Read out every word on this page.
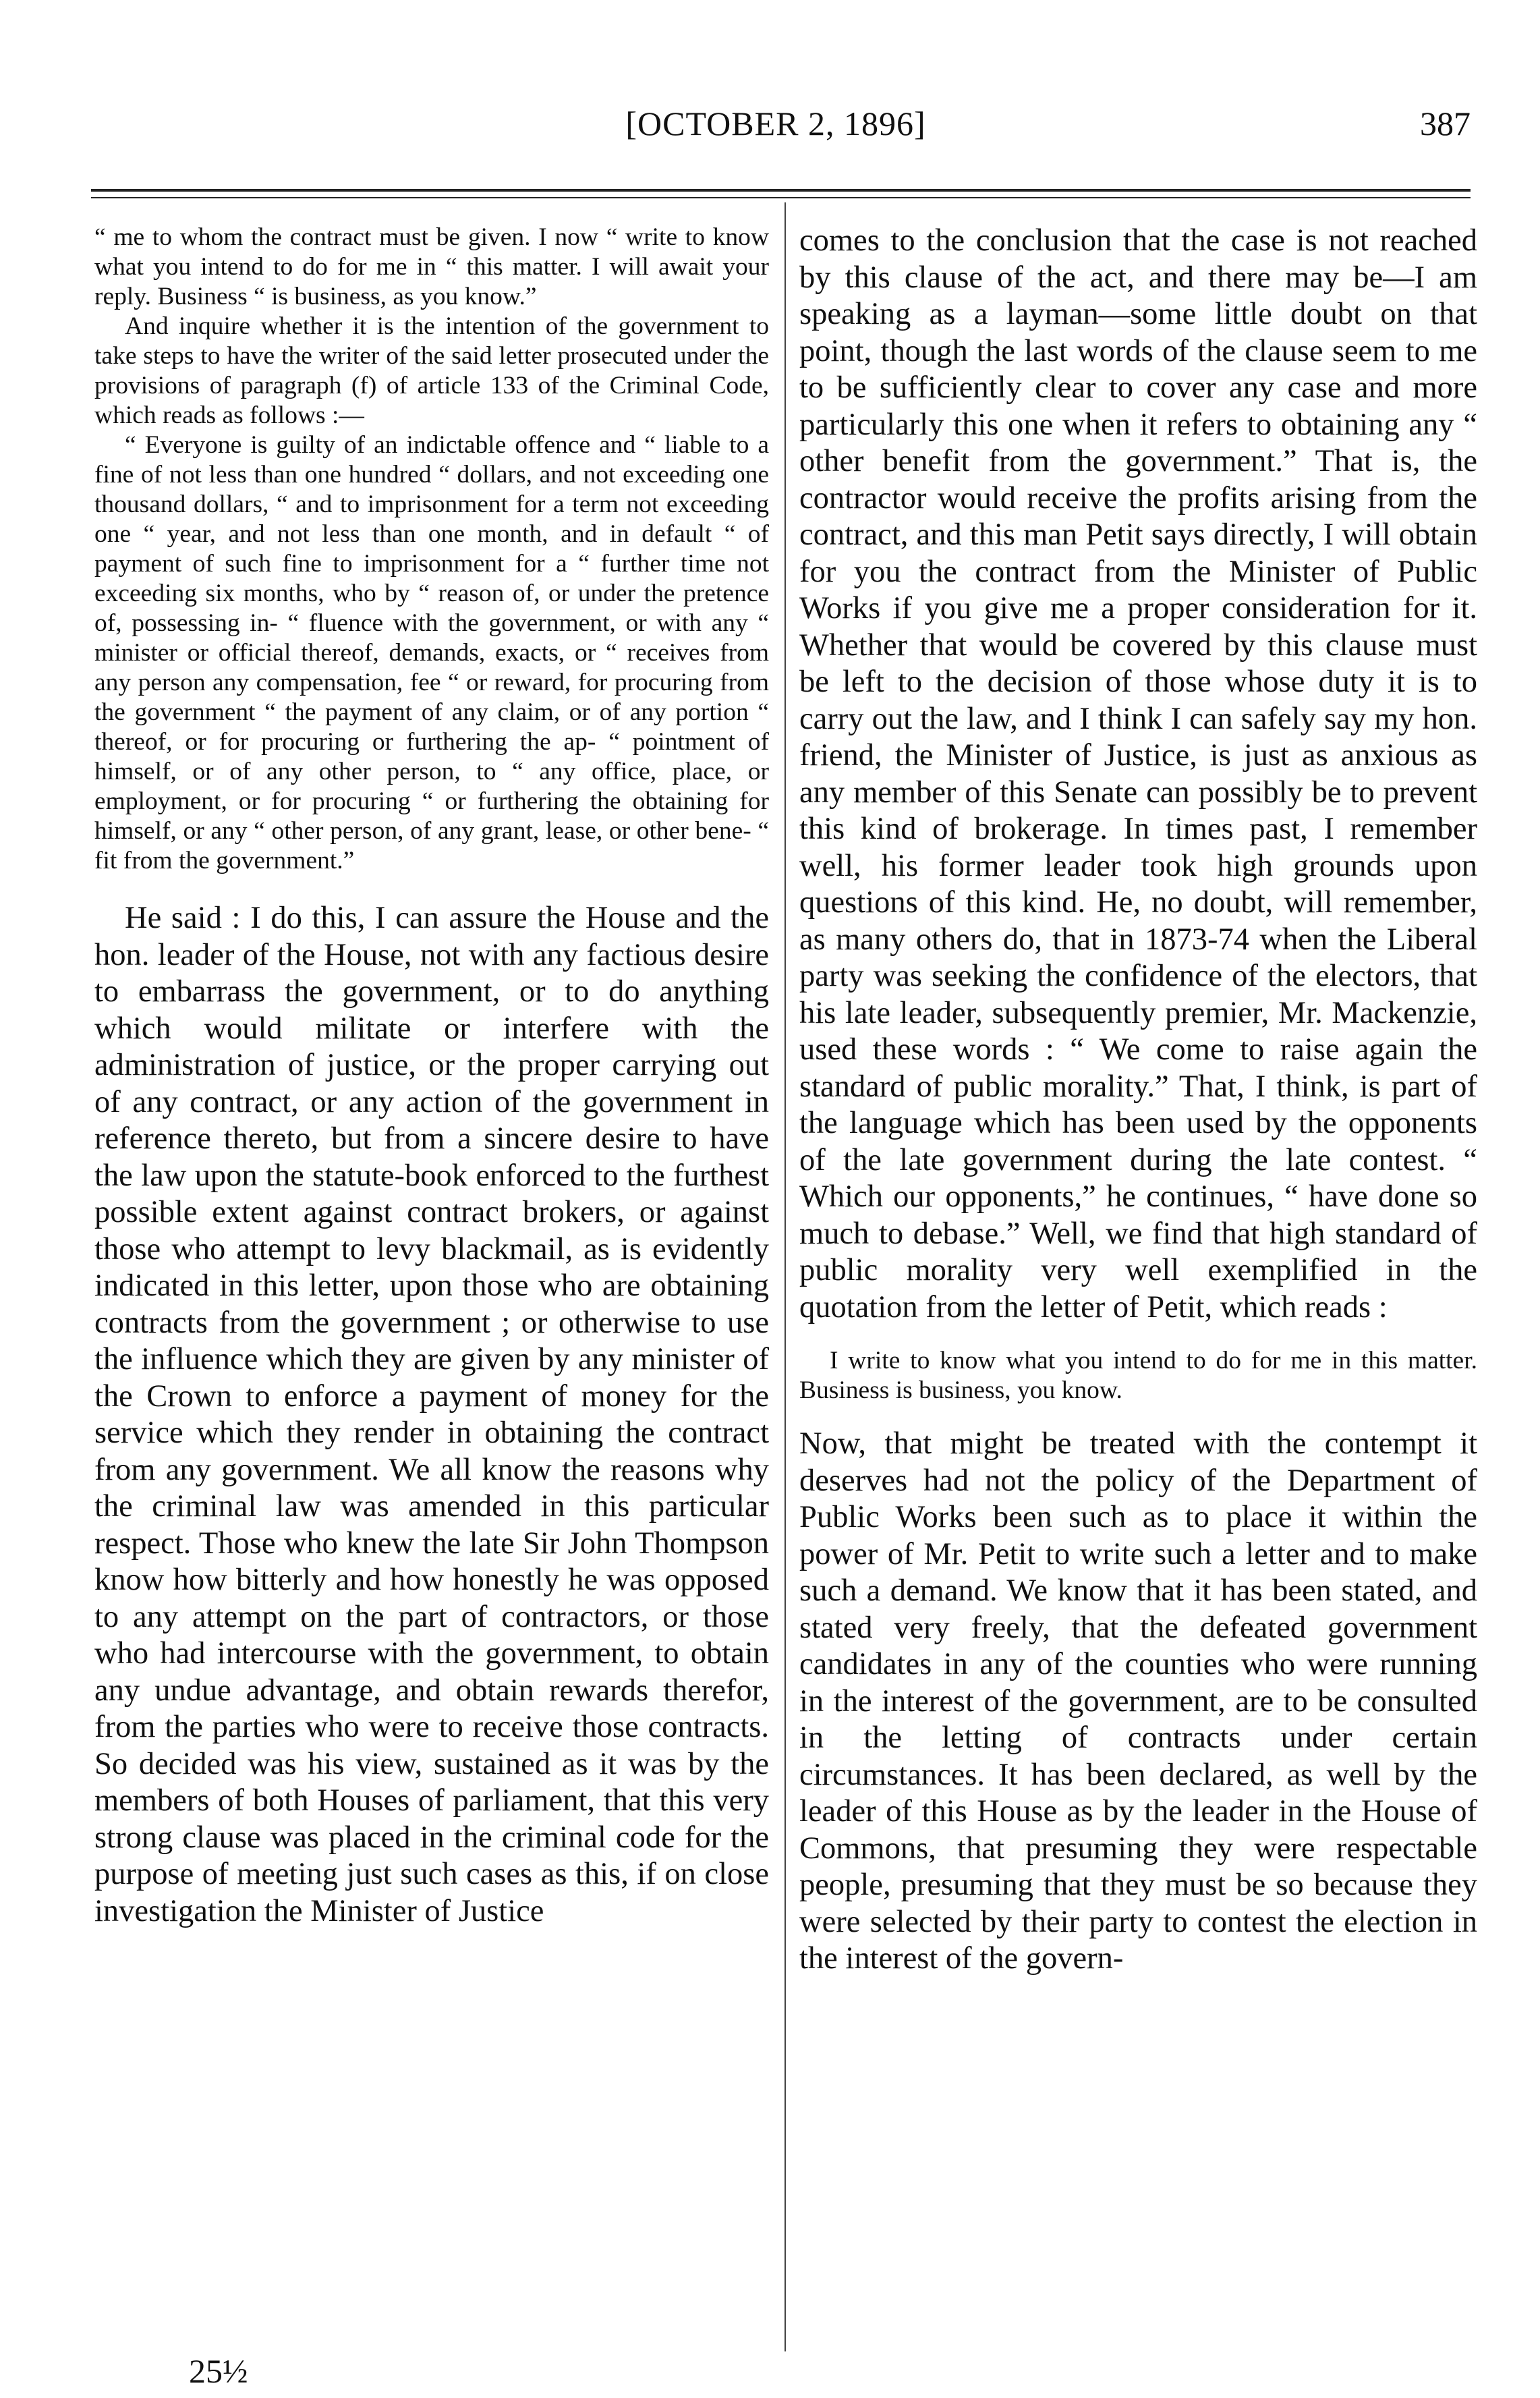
[OCTOBER 2, 1896]	387

“ me to whom the contract must be given. I now “ write to know what you intend to do for me in “ this matter. I will await your reply. Business “ is business, as you know.”

And inquire whether it is the intention of the government to take steps to have the writer of the said letter prosecuted under the provisions of paragraph (f) of article 133 of the Criminal Code, which reads as follows :—

“ Everyone is guilty of an indictable offence and “ liable to a fine of not less than one hundred “ dollars, and not exceeding one thousand dollars, “ and to imprisonment for a term not exceeding one “ year, and not less than one month, and in default “ of payment of such fine to imprisonment for a “ further time not exceeding six months, who by “ reason of, or under the pretence of, possessing in- “ fluence with the government, or with any “ minister or official thereof, demands, exacts, or “ receives from any person any compensation, fee “ or reward, for procuring from the government “ the payment of any claim, or of any portion “ thereof, or for procuring or furthering the ap- “ pointment of himself, or of any other person, to “ any office, place, or employment, or for procuring “ or furthering the obtaining for himself, or any “ other person, of any grant, lease, or other bene- “ fit from the government.”

He said : I do this, I can assure the House and the hon. leader of the House, not with any factious desire to embarrass the government, or to do anything which would militate or interfere with the administration of justice, or the proper carrying out of any contract, or any action of the government in reference thereto, but from a sincere desire to have the law upon the statute-book enforced to the furthest possible extent against contract brokers, or against those who attempt to levy blackmail, as is evidently indicated in this letter, upon those who are obtaining contracts from the government ; or otherwise to use the influence which they are given by any minister of the Crown to enforce a payment of money for the service which they render in obtaining the contract from any government. We all know the reasons why the criminal law was amended in this particular respect. Those who knew the late Sir John Thompson know how bitterly and how honestly he was opposed to any attempt on the part of contractors, or those who had intercourse with the government, to obtain any undue advantage, and obtain rewards therefor, from the parties who were to receive those contracts. So decided was his view, sustained as it was by the members of both Houses of parliament, that this very strong clause was placed in the criminal code for the purpose of meeting just such cases as this, if on close investigation the Minister of Justice

comes to the conclusion that the case is not reached by this clause of the act, and there may be—I am speaking as a layman—some little doubt on that point, though the last words of the clause seem to me to be sufficiently clear to cover any case and more particularly this one when it refers to obtaining any “ other benefit from the government.” That is, the contractor would receive the profits arising from the contract, and this man Petit says directly, I will obtain for you the contract from the Minister of Public Works if you give me a proper consideration for it. Whether that would be covered by this clause must be left to the decision of those whose duty it is to carry out the law, and I think I can safely say my hon. friend, the Minister of Justice, is just as anxious as any member of this Senate can possibly be to prevent this kind of brokerage. In times past, I remember well, his former leader took high grounds upon questions of this kind. He, no doubt, will remember, as many others do, that in 1873-74 when the Liberal party was seeking the confidence of the electors, that his late leader, subsequently premier, Mr. Mackenzie, used these words : “ We come to raise again the standard of public morality.” That, I think, is part of the language which has been used by the opponents of the late government during the late contest. “ Which our opponents,” he continues, “ have done so much to debase.” Well, we find that high standard of public morality very well exemplified in the quotation from the letter of Petit, which reads :

I write to know what you intend to do for me in this matter. Business is business, you know.

Now, that might be treated with the contempt it deserves had not the policy of the Department of Public Works been such as to place it within the power of Mr. Petit to write such a letter and to make such a demand. We know that it has been stated, and stated very freely, that the defeated government candidates in any of the counties who were running in the interest of the government, are to be consulted in the letting of contracts under certain circumstances. It has been declared, as well by the leader of this House as by the leader in the House of Commons, that presuming they were respectable people, presuming that they must be so because they were selected by their party to contest the election in the interest of the govern-

25½
